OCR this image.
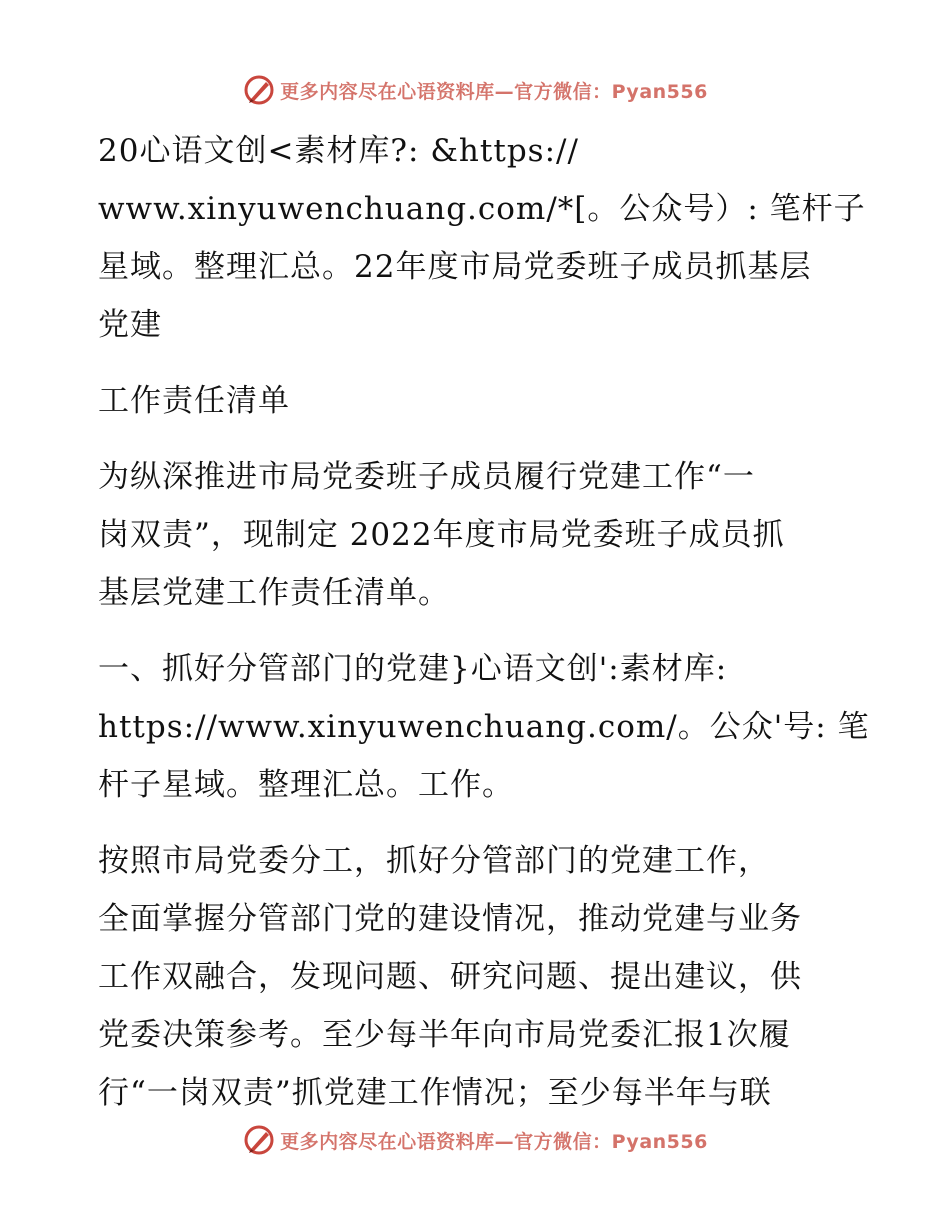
更多内容尽在心语资料库—官方微信：Pyan556

20心语文创<素材库?: &https://
www.xinyuwenchuang.com/*[。公众号）: 笔杆子
星域。整理汇总。22年度市局党委班子成员抓基层
党建

工作责任清单

为纵深推进市局党委班子成员履行党建工作“一
岗双责”，现制定 2022年度市局党委班子成员抓
基层党建工作责任清单。

一、抓好分管部门的党建}心语文创':素材库:
https://www.xinyuwenchuang.com/。公众'号: 笔
杆子星域。整理汇总。工作。

按照市局党委分工，抓好分管部门的党建工作，
全面掌握分管部门党的建设情况，推动党建与业务
工作双融合，发现问题、研究问题、提出建议，供
党委决策参考。至少每半年向市局党委汇报1次履
行“一岗双责”抓党建工作情况；至少每半年与联

更多内容尽在心语资料库—官方微信：Pyan556
